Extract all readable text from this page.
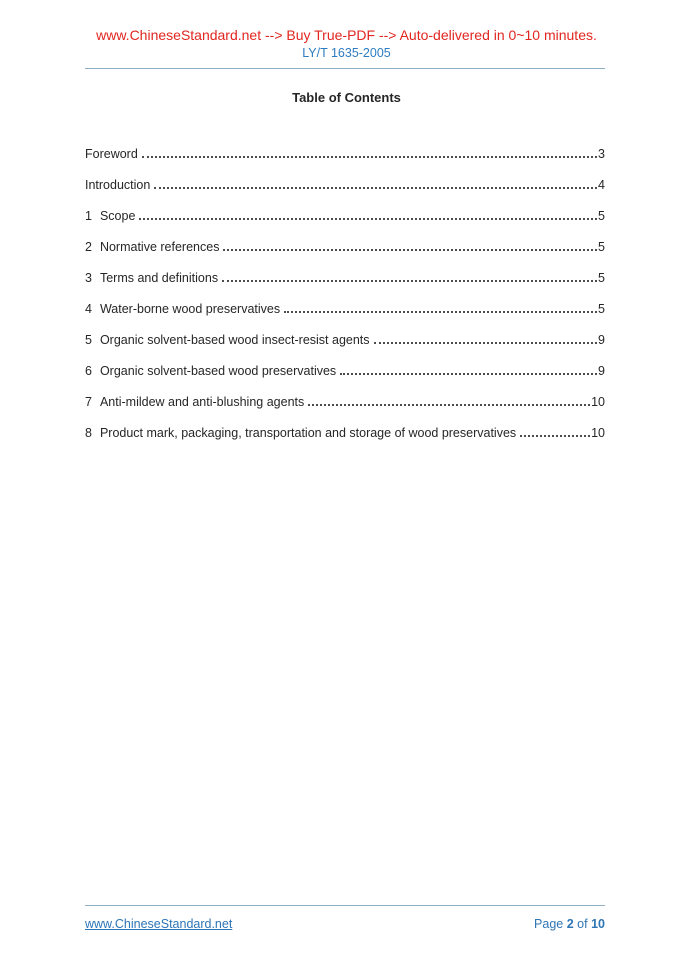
www.ChineseStandard.net --> Buy True-PDF --> Auto-delivered in 0~10 minutes.
LY/T 1635-2005
Table of Contents
Foreword	3
Introduction	4
1 Scope	5
2 Normative references	5
3 Terms and definitions	5
4 Water-borne wood preservatives	5
5 Organic solvent-based wood insect-resist agents	9
6 Organic solvent-based wood preservatives	9
7 Anti-mildew and anti-blushing agents	10
8 Product mark, packaging, transportation and storage of wood preservatives	10
www.ChineseStandard.net	Page 2 of 10
